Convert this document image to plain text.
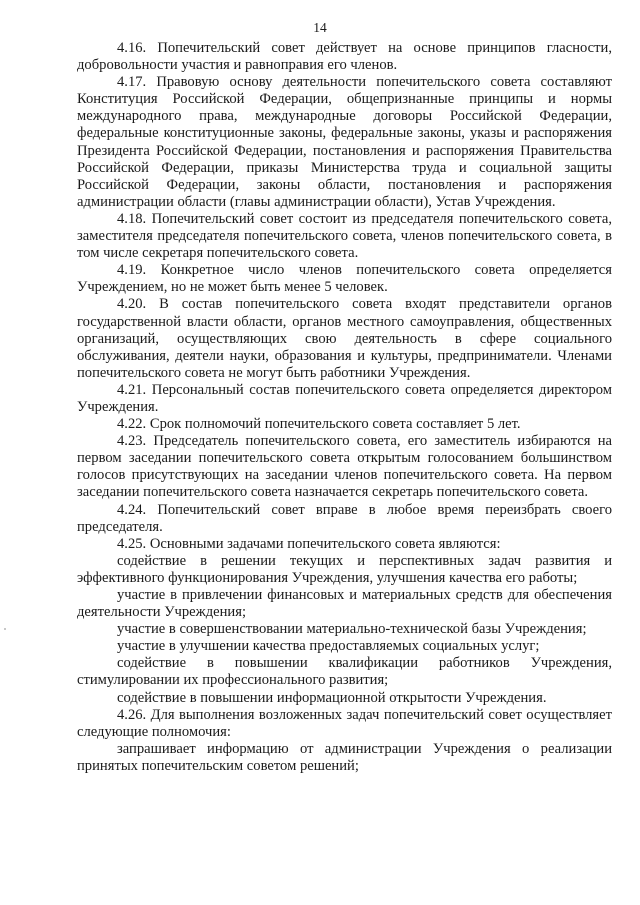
14

4.16. Попечительский совет действует на основе принципов гласности, добровольности участия и равноправия его членов.

4.17. Правовую основу деятельности попечительского совета составляют Конституция Российской Федерации, общепризнанные принципы и нормы международного права, международные договоры Российской Федерации, федеральные конституционные законы, федеральные законы, указы и распоряжения Президента Российской Федерации, постановления и распоряжения Правительства Российской Федерации, приказы Министерства труда и социальной защиты Российской Федерации, законы области, постановления и распоряжения администрации области (главы администрации области), Устав Учреждения.

4.18. Попечительский совет состоит из председателя попечительского совета, заместителя председателя попечительского совета, членов попечительского совета, в том числе секретаря попечительского совета.

4.19. Конкретное число членов попечительского совета определяется Учреждением, но не может быть менее 5 человек.

4.20. В состав попечительского совета входят представители органов государственной власти области, органов местного самоуправления, общественных организаций, осуществляющих свою деятельность в сфере социального обслуживания, деятели науки, образования и культуры, предприниматели. Членами попечительского совета не могут быть работники Учреждения.

4.21. Персональный состав попечительского совета определяется директором Учреждения.

4.22. Срок полномочий попечительского совета составляет 5 лет.

4.23. Председатель попечительского совета, его заместитель избираются на первом заседании попечительского совета открытым голосованием большинством голосов присутствующих на заседании членов попечительского совета. На первом заседании попечительского совета назначается секретарь попечительского совета.

4.24. Попечительский совет вправе в любое время переизбрать своего председателя.

4.25. Основными задачами попечительского совета являются:

содействие в решении текущих и перспективных задач развития и эффективного функционирования Учреждения, улучшения качества его работы;

участие в привлечении финансовых и материальных средств для обеспечения деятельности Учреждения;

участие в совершенствовании материально-технической базы Учреждения;

участие в улучшении качества предоставляемых социальных услуг;

содействие в повышении квалификации работников Учреждения, стимулировании их профессионального развития;

содействие в повышении информационной открытости Учреждения.

4.26. Для выполнения возложенных задач попечительский совет осуществляет следующие полномочия:

запрашивает информацию от администрации Учреждения о реализации принятых попечительским советом решений;
